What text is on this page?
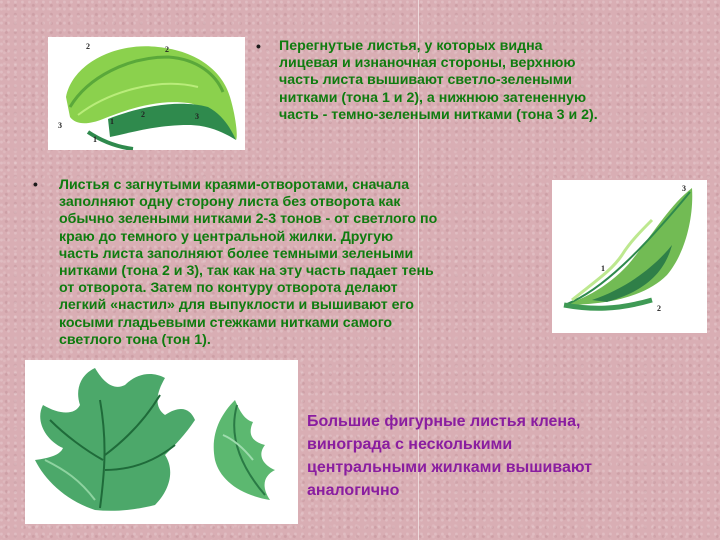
2	2
3	1
2	3
1
• Перегнутые листья, у которых видна
лицевая и изнаночная стороны, верхнюю
часть листа вышивают светло-зелеными
нитками (тона 1 и 2), а нижнюю затененную
часть - темно-зелеными нитками (тона 3 и 2).
• Листья с загнутыми краями-отворотами, сначала
заполняют одну сторону листа без отворота как
обычно зелеными нитками 2-3 тонов - от светлого по
краю до темного у центральной жилки. Другую
часть листа заполняют более темными зелеными
нитками (тона 2 и 3), так как на эту часть падает тень
от отворота. Затем по контуру отворота делают
легкий «настил» для выпуклости и вышивают его
косыми гладьевыми стежками нитками самого
светлого тона (тон 1).
3
1
2
Большие фигурные листья клена,
винограда с несколькими
центральными жилками вышивают
аналогично
